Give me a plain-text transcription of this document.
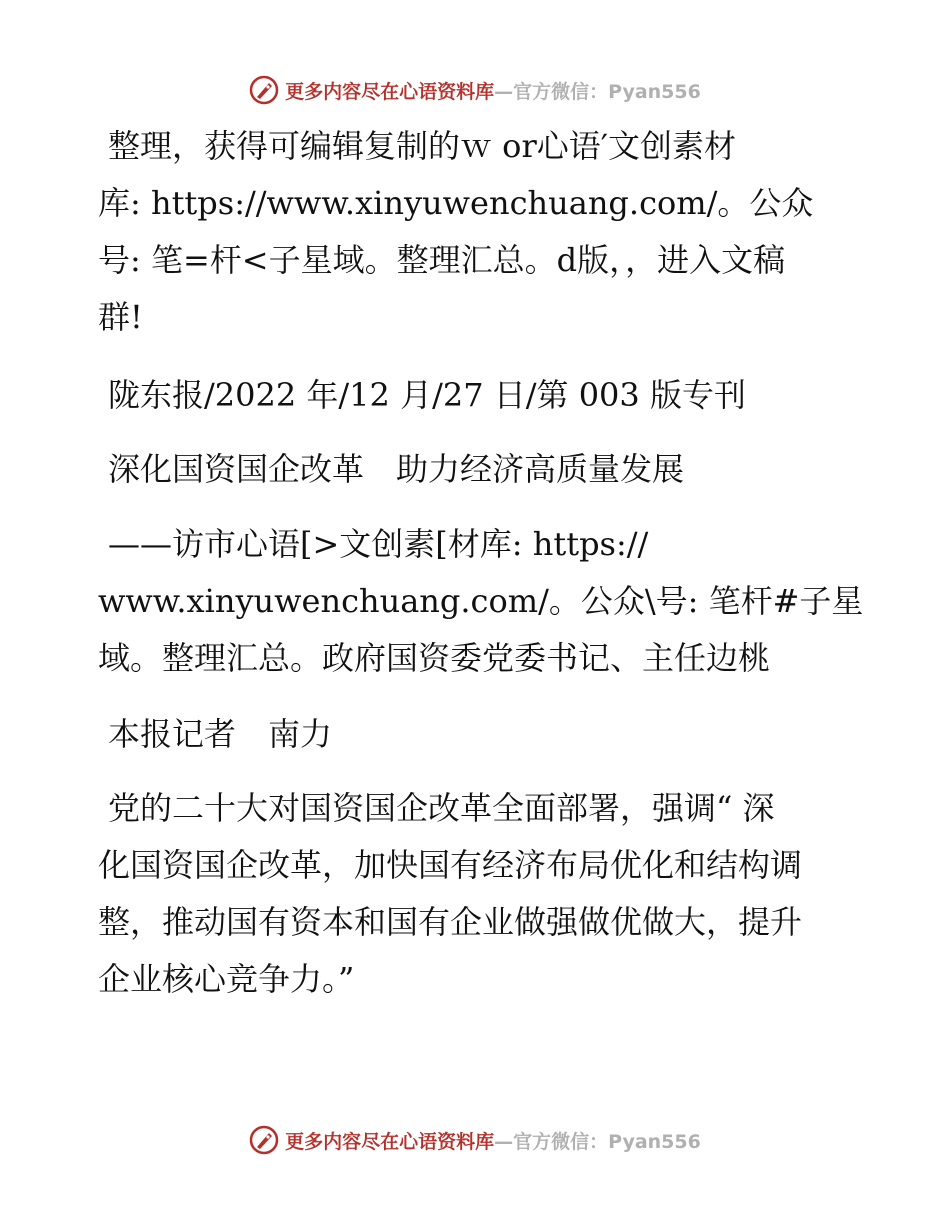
更多内容尽在心语资料库—官方微信：Pyan556
整理，获得可编辑复制的ｗ or心语′文创素材
库: https://www.xinyuwenchuang.com/。公众
号: 笔=杆<子星域。整理汇总。d版，，进入文稿
群!
陇东报/2022 年/12 月/27 日/第 003 版专刊
深化国资国企改革　助力经济高质量发展
——访市心语[>文创素[材库: https://
www.xinyuwenchuang.com/。公众\号: 笔杆#子星
域。整理汇总。政府国资委党委书记、主任边桃
本报记者　南力
党的二十大对国资国企改革全面部署，强调“ 深
化国资国企改革，加快国有经济布局优化和结构调
整，推动国有资本和国有企业做强做优做大，提升
企业核心竞争力。”
更多内容尽在心语资料库—官方微信：Pyan556
